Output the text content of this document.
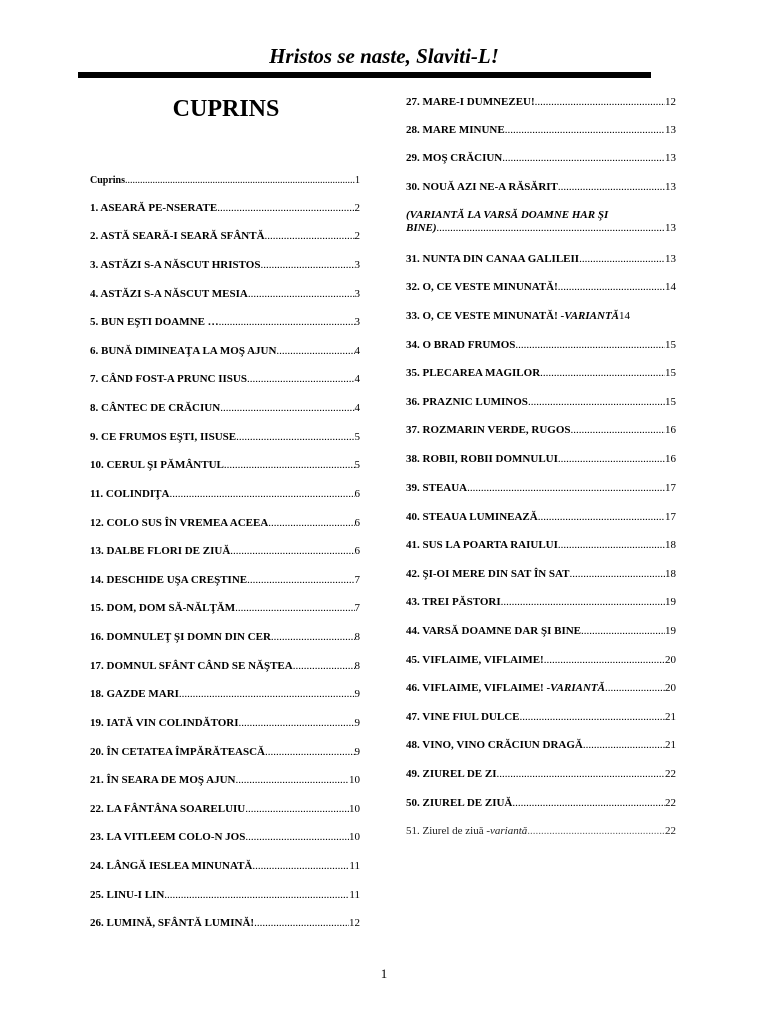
Hristos se naste, Slaviti-L!
CUPRINS
Cuprins .....	1
1. ASEARĂ PE-NSERATE .....	2
2. ASTĂ SEARĂ-I SEARĂ SFÂNTĂ .....	2
3. ASTĂZI S-A NĂSCUT HRISTOS .....	3
4. ASTĂZI S-A NĂSCUT MESIA .....	3
5. BUN EŞTI DOAMNE … .....	3
6. BUNĂ DIMINEAŢA LA MOŞ AJUN .....	4
7. CÂND FOST-A PRUNC IISUS .....	4
8. CÂNTEC DE CRĂCIUN .....	4
9. CE FRUMOS EŞTI, IISUSE .....	5
10. CERUL ŞI PĂMÂNTUL .....	5
11. COLINDIŢA .....	6
12. COLO SUS ÎN VREMEA ACEEA .....	6
13. DALBE FLORI DE ZIUĂ .....	6
14. DESCHIDE UŞA CREŞTINE .....	7
15. DOM, DOM SĂ-NĂLŢĂM .....	7
16. DOMNULEŢ ŞI DOMN DIN CER .....	8
17. DOMNUL SFÂNT CÂND SE NĂŞTEA .....	8
18. GAZDE MARI .....	9
19. IATĂ VIN COLINDĂTORI .....	9
20. ÎN CETATEA ÎMPĂRĂTEASCĂ .....	9
21. ÎN SEARA DE MOŞ AJUN .....	10
22. LA FÂNTÂNA SOARELUIU .....	10
23. LA VITLEEM COLO-N JOS .....	10
24. LÂNGĂ IESLEA MINUNATĂ .....	11
25. LINU-I LIN .....	11
26. LUMINĂ, SFÂNTĂ LUMINĂ! .....	12
27. MARE-I DUMNEZEU! .....	12
28. MARE MINUNE .....	13
29. MOŞ CRĂCIUN .....	13
30. NOUĂ AZI NE-A RĂSĂRIT .....	13
(VARIANTĂ LA VARSĂ DOAMNE HAR ŞI
BINE) .....	13
31. NUNTA DIN CANAA GALILEII .....	13
32. O, CE VESTE MINUNATĂ! .....	14
33. O, CE VESTE MINUNATĂ! - VARIANTĂ 14
34. O BRAD FRUMOS .....	15
35. PLECAREA MAGILOR .....	15
36. PRAZNIC LUMINOS .....	15
37. ROZMARIN VERDE, RUGOS .....	16
38. ROBII, ROBII DOMNULUI .....	16
39. STEAUA .....	17
40. STEAUA LUMINEAZĂ .....	17
41. SUS LA POARTA RAIULUI .....	18
42. ŞI-OI MERE DIN SAT ÎN SAT .....	18
43. TREI PĂSTORI .....	19
44. VARSĂ DOAMNE DAR ŞI BINE .....	19
45. VIFLAIME, VIFLAIME! .....	20
46. VIFLAIME, VIFLAIME! - VARIANTĂ .....	20
47. VINE FIUL DULCE .....	21
48. VINO, VINO CRĂCIUN DRAGĂ .....	21
49. ZIUREL DE ZI .....	22
50. ZIUREL DE ZIUĂ .....	22
51. Ziurel de ziuă - variantă .....	22
1
